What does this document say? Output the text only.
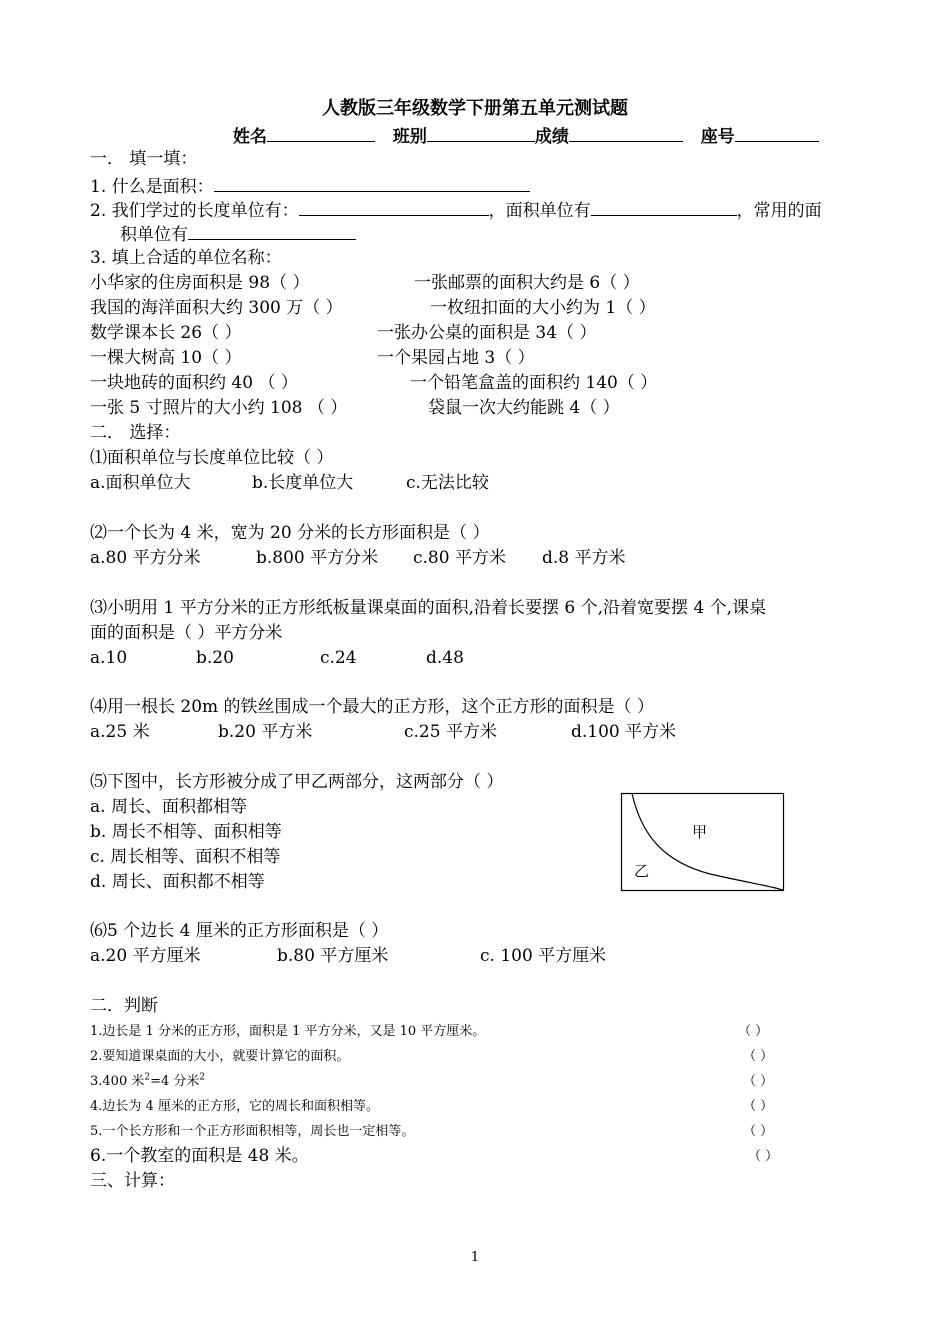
人教版三年级数学下册第五单元测试题
姓名	班别	成绩	座号
一． 填一填：
1. 什么是面积：
2. 我们学过的长度单位有：	，面积单位有	，常用的面
积单位有
3. 填上合适的单位名称：
小华家的住房面积是 98（ ）	一张邮票的面积大约是 6（ ）
我国的海洋面积大约 300 万（ ）	一枚纽扣面的大小约为 1（ ）
数学课本长 26（ ）	一张办公桌的面积是 34（ ）
一棵大树高 10（ ）	一个果园占地 3（ ）
一块地砖的面积约 40 （ ）	一个铅笔盒盖的面积约 140（ ）
一张 5 寸照片的大小约 108 （ ）	袋鼠一次大约能跳 4（ ）
二． 选择：
⑴面积单位与长度单位比较（ ）
a.面积单位大	b.长度单位大	c.无法比较
⑵一个长为 4 米，宽为 20 分米的长方形面积是（ ）
a.80 平方分米	b.800 平方分米 c.80 平方米 d.8 平方米
⑶小明用 1 平方分米的正方形纸板量课桌面的面积,沿着长要摆 6 个,沿着宽要摆 4 个,课桌
面的面积是（ ）平方分米
a.10	b.20	c.24	d.48
⑷用一根长 20m 的铁丝围成一个最大的正方形，这个正方形的面积是（ ）
a.25 米	b.20 平方米	c.25 平方米	d.100 平方米
⑸下图中，长方形被分成了甲乙两部分，这两部分（ ）
a. 周长、面积都相等
b. 周长不相等、面积相等
c. 周长相等、面积不相等
d. 周长、面积都不相等
甲
乙
⑹5 个边长 4 厘米的正方形面积是（ ）
a.20 平方厘米	b.80 平方厘米	c. 100 平方厘米
二．判断
1.边长是 1 分米的正方形，面积是 1 平方分米，又是 10 平方厘米。	（ ）
2.要知道课桌面的大小，就要计算它的面积。	（ ）
3.400 米$^2$=4 分米$^2$	（ ）
4.边长为 4 厘米的正方形，它的周长和面积相等。	（ ）
5.一个长方形和一个正方形面积相等，周长也一定相等。	（ ）
6.一个教室的面积是 48 米。	（ ）
三、计算：
1
